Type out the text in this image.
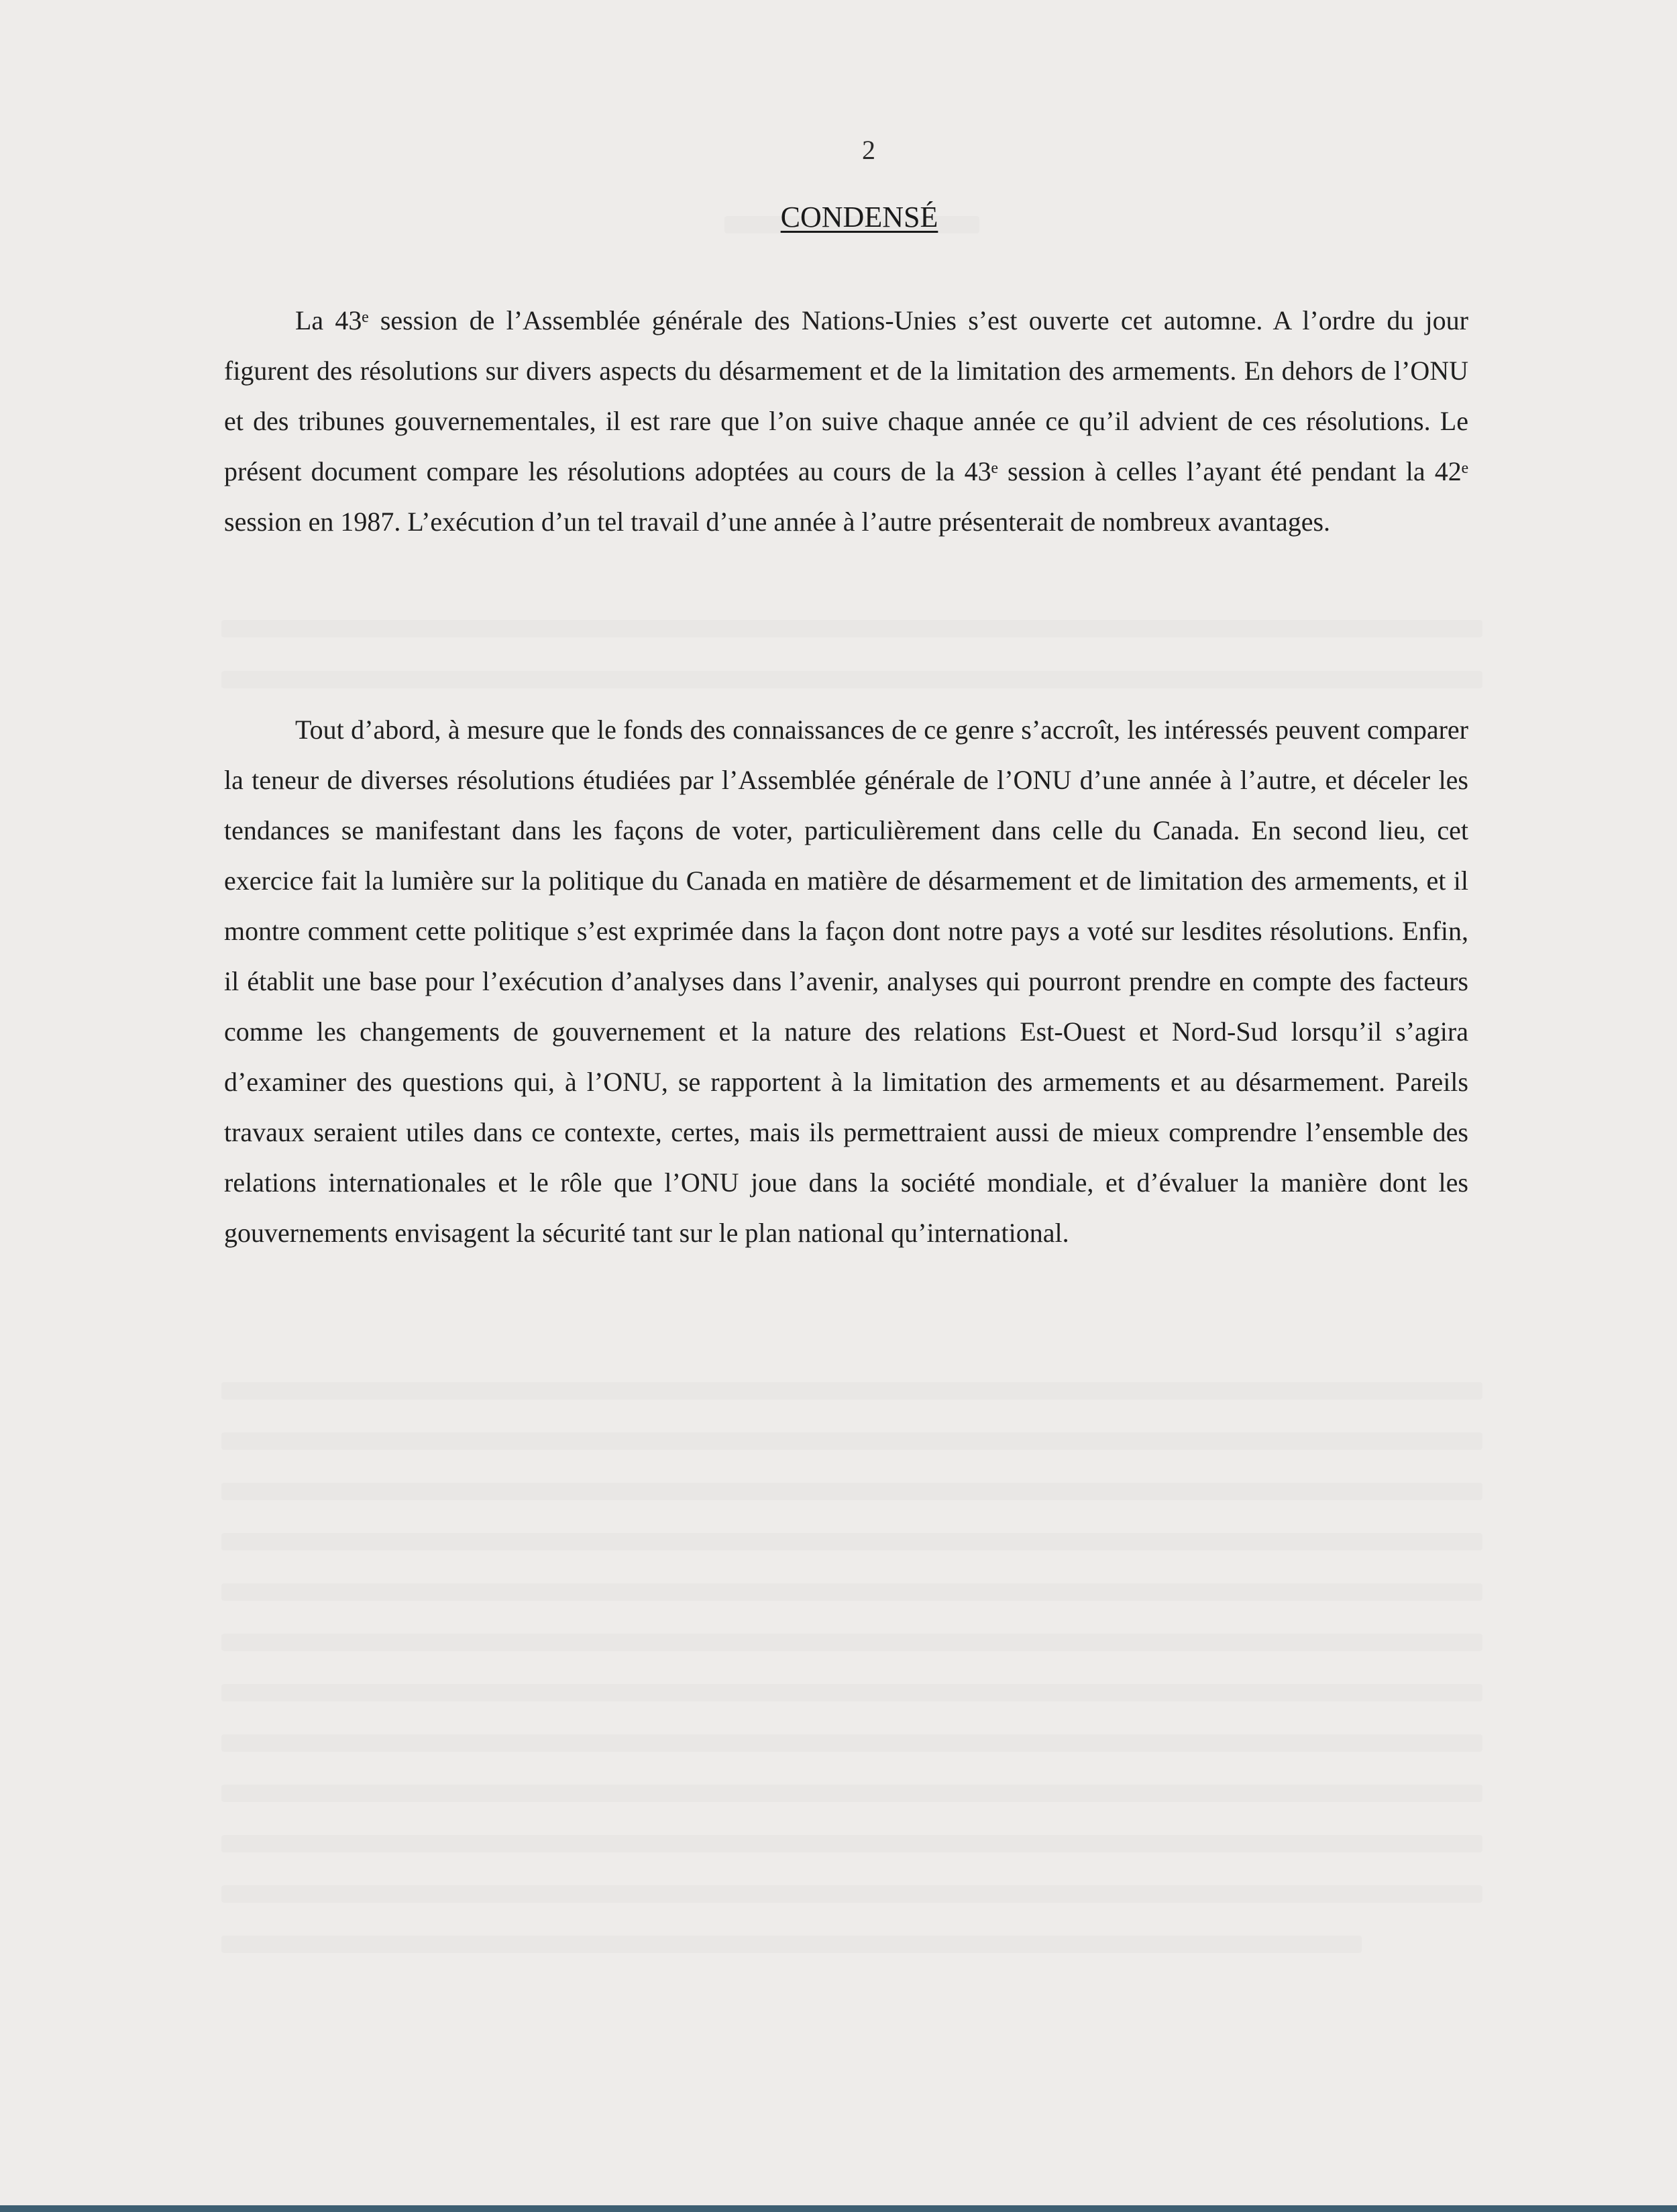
2
CONDENSÉ

La 43ᵉ session de l’Assemblée générale des Nations-Unies s’est ouverte cet automne. A l’ordre du jour figurent des résolutions sur divers aspects du désarmement et de la limitation des armements. En dehors de l’ONU et des tribunes gouvernementales, il est rare que l’on suive chaque année ce qu’il advient de ces résolutions. Le présent document compare les résolutions adoptées au cours de la 43ᵉ session à celles l’ayant été pendant la 42ᵉ session en 1987. L’exécution d’un tel travail d’une année à l’autre présenterait de nombreux avantages.

Tout d’abord, à mesure que le fonds des connaissances de ce genre s’accroît, les intéressés peuvent comparer la teneur de diverses résolutions étudiées par l’Assemblée générale de l’ONU d’une année à l’autre, et déceler les tendances se manifestant dans les façons de voter, particulièrement dans celle du Canada. En second lieu, cet exercice fait la lumière sur la politique du Canada en matière de désarmement et de limitation des armements, et il montre comment cette politique s’est exprimée dans la façon dont notre pays a voté sur lesdites résolutions. Enfin, il établit une base pour l’exécution d’analyses dans l’avenir, analyses qui pourront prendre en compte des facteurs comme les changements de gouvernement et la nature des relations Est-Ouest et Nord-Sud lorsqu’il s’agira d’examiner des questions qui, à l’ONU, se rapportent à la limitation des armements et au désarmement. Pareils travaux seraient utiles dans ce contexte, certes, mais ils permettraient aussi de mieux comprendre l’ensemble des relations internationales et le rôle que l’ONU joue dans la société mondiale, et d’évaluer la manière dont les gouvernements envisagent la sécurité tant sur le plan national qu’international.
